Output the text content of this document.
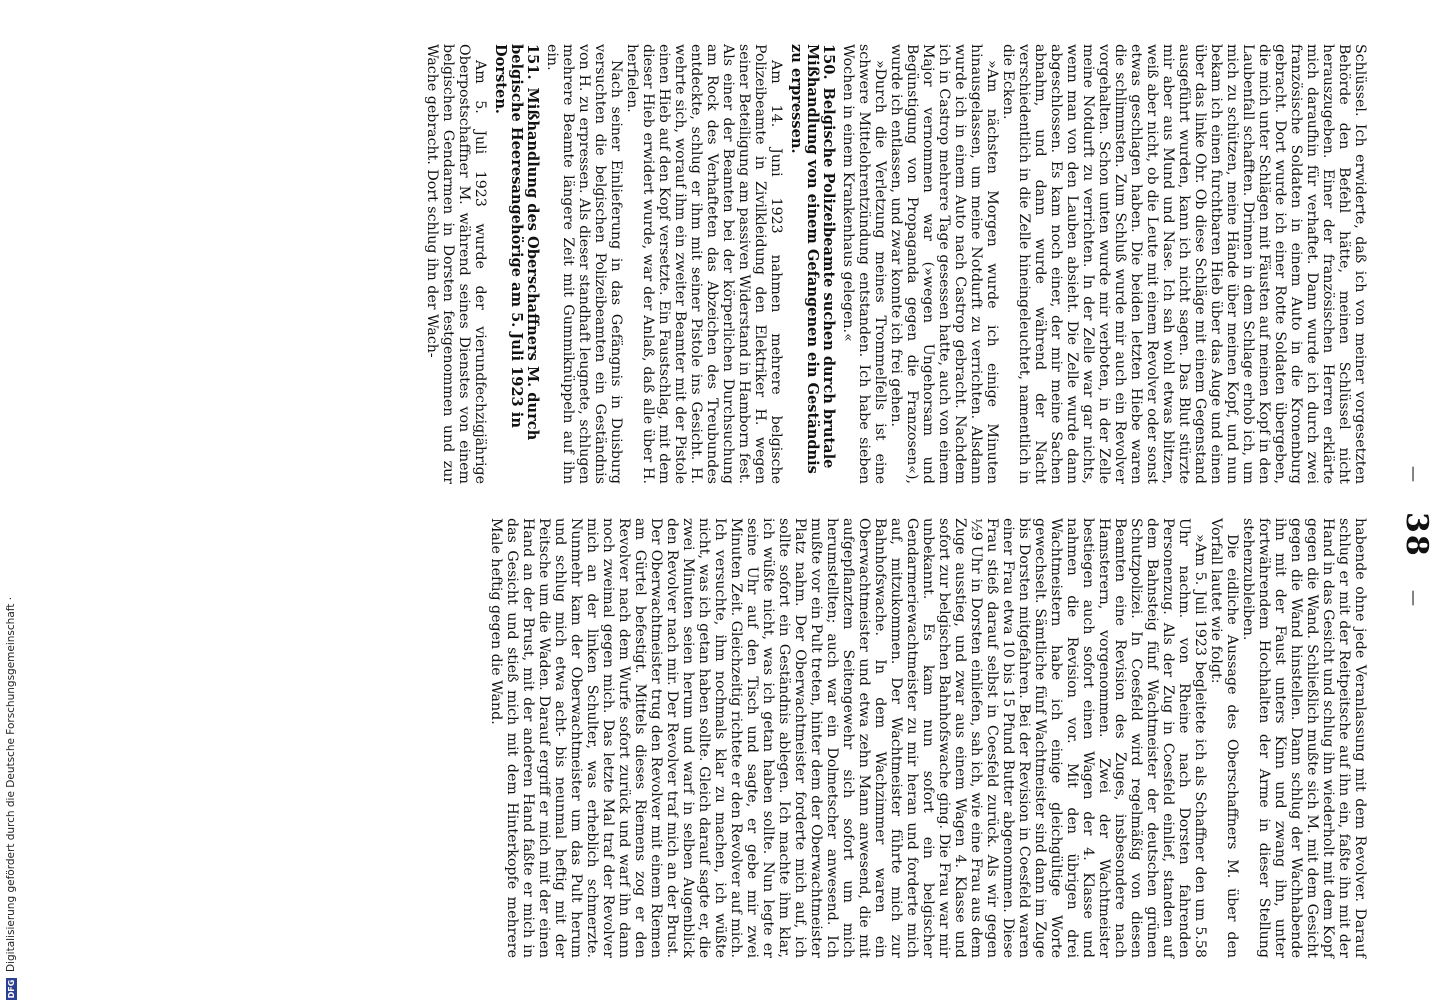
—
38
—

Schlüssel. Ich erwiderte, daß ich von meiner vorgesetzten Behörde den Befehl hätte, meinen Schlüssel nicht herauszugeben. Einer der französischen Herren erklärte mich daraufhin für verhaftet. Dann wurde ich durch zwei französische Soldaten in einem Auto in die Kronenburg gebracht. Dort wurde ich einer Rotte Soldaten übergeben, die mich unter Schlägen mit Fäusten auf meinen Kopf in den Laubenfall schafften. Drinnen in dem Schlage erhob ich, um mich zu schützen, meine Hände über meinen Kopf, und nun bekam ich einen furchtbaren Hieb über das Auge und einen über das linke Ohr. Ob diese Schläge mit einem Gegenstand ausgeführt wurden, kann ich nicht sagen. Das Blut stürzte mir aber aus Mund und Nase. Ich sah wohl etwas blitzen, weiß aber nicht, ob die Leute mit einem Revolver oder sonst etwas geschlagen haben. Die beiden letzten Hiebe waren die schlimmsten. Zum Schluß wurde mir auch ein Revolver vorgehalten. Schon unten wurde mir verboten, in der Zelle meine Notdurft zu verrichten. In der Zelle war gar nichts, wenn man von den Lauben absieht. Die Zelle wurde dann abgeschlossen. Es kam noch einer, der mir meine Sachen abnahm, und dann wurde während der Nacht verschiedentlich in die Zelle hineingeleuchtet, namentlich in die Ecken.

»Am nächsten Morgen wurde ich einige Minuten hinausgelassen, um meine Notdurft zu verrichten. Alsdann wurde ich in einem Auto nach Castrop gebracht. Nachdem ich in Castrop mehrere Tage gesessen hatte, auch von einem Major vernommen war (»wegen Ungehorsam und Begünstigung von Propaganda gegen die Franzosen«), wurde ich entlassen, und zwar konnte ich frei gehen.

»Durch die Verletzung meines Trommelfells ist eine schwere Mittelohrentzündung entstanden. Ich habe sieben Wochen in einem Krankenhaus gelegen.«

150.Belgische Polizeibeamte suchen durch brutale Mißhandlung von einem Gefangenen ein Geständnis zu erpressen.

Am 14. Juni 1923 nahmen mehrere belgische Polizeibeamte in Zivilkleidung den Elektriker H. wegen seiner Beteiligung am passiven Widerstand in Hamborn fest. Als einer der Beamten bei der körperlichen Durchsuchung am Rock des Verhafteten das Abzeichen des Treubundes entdeckte, schlug er ihm mit seiner Pistole ins Gesicht. H. wehrte sich, worauf ihm ein zweiter Beamter mit der Pistole einen Hieb auf den Kopf versetzte. Ein Faustschlag, mit dem dieser Hieb erwidert wurde, war der Anlaß, daß alle über H. herfielen.

Nach seiner Einlieferung in das Gefängnis in Duisburg versuchten die belgischen Polizeibeamten ein Geständnis von H. zu erpressen. Als dieser standhaft leugnete, schlugen mehrere Beamte längere Zeit mit Gummiknüppeln auf ihn ein.

151.Mißhandlung des Oberschaffners M. durch belgische Heeresangehörige am 5. Juli 1923 in Dorsten.

Am 5. Juli 1923 wurde der vierundfechzigjährige Oberpostschaffner M. während seines Dienstes von einem belgischen Gendarmen in Dorsten festgenommen und zur Wache gebracht. Dort schlug ihn der Wach-

habende ohne jede Veranlassung mit dem Revolver. Darauf schlug er mit der Reitpeitsche auf ihn ein, faßte ihn mit der Hand in das Gesicht und schlug ihn wiederholt mit dem Kopf gegen die Wand. Schließlich mußte sich M. mit dem Gesicht gegen die Wand hinstellen. Dann schlug der Wachhabende ihn mit der Faust unters Kinn und zwang ihn, unter fortwährendem Hochhalten der Arme in dieser Stellung stehenzubleiben.

Die eidliche Aussage des Oberschaffners M. über den Vorfall lautet wie folgt:

»Am 5. Juli 1923 begleitete ich als Schaffner den um 5.58 Uhr nachm. von Rheine nach Dorsten fahrenden Personenzug. Als der Zug in Coesfeld einlief, standen auf dem Bahnsteig fünf Wachtmeister der deutschen grünen Schutzpolizei. In Coesfeld wird regelmäßig von diesen Beamten eine Revision des Zuges, insbesondere nach Hamsterern, vorgenommen. Zwei der Wachtmeister bestiegen auch sofort einen Wagen der 4. Klasse und nahmen die Revision vor. Mit den übrigen drei Wachtmeistern habe ich einige gleichgültige Worte gewechselt. Sämtliche fünf Wachtmeister sind dann im Zuge bis Dorsten mitgefahren. Bei der Revision in Coesfeld waren einer Frau etwa 10 bis 15 Pfund Butter abgenommen. Diese Frau stieß darauf selbst in Coesfeld zurück. Als wir gegen ½9 Uhr in Dorsten einliefen, sah ich, wie eine Frau aus dem Zuge ausstieg, und zwar aus einem Wagen 4. Klasse und sofort zur belgischen Bahnhofswache ging. Die Frau war mir unbekannt. Es kam nun sofort ein belgischer Gendarmeriewachtmeister zu mir heran und forderte mich auf, mitzukommen. Der Wachtmeister führte mich zur Bahnhofswache. In dem Wachzimmer waren ein Oberwachtmeister und etwa zehn Mann anwesend, die mit aufgepflanztem Seitengewehr sich sofort um mich herumstellten; auch war ein Dolmetscher anwesend. Ich mußte vor ein Pult treten, hinter dem der Oberwachtmeister Platz nahm. Der Oberwachtmeister forderte mich auf, ich sollte sofort ein Geständnis ablegen. Ich machte ihm klar, ich wüßte nicht, was ich getan haben sollte. Nun legte er seine Uhr auf den Tisch und sagte, er gebe mir zwei Minuten Zeit. Gleichzeitig richtete er den Revolver auf mich. Ich versuchte, ihm nochmals klar zu machen, ich wüßte nicht, was ich getan haben sollte. Gleich darauf sagte er, die zwei Minuten seien herum und warf in selben Augenblick den Revolver nach mir. Der Revolver traf mich an der Brust. Der Oberwachtmeister trug den Revolver mit einem Riemen am Gürtel befestigt. Mittels dieses Riemens zog er den Revolver nach dem Wurfe sofort zurück und warf ihn dann noch zweimal gegen mich. Das letzte Mal traf der Revolver mich an der linken Schulter, was erheblich schmerzte. Nunmehr kam der Oberwachtmeister um das Pult herum und schlug mich etwa acht- bis neunmal heftig mit der Peitsche um die Waden. Darauf ergriff er mich mit der einen Hand an der Brust, mit der anderen Hand faßte er mich in das Gesicht und stieß mich mit dem Hinterkopfe mehrere Male heftig gegen die Wand.

DFG
Digitalisierung gefördert durch die Deutsche Forschungsgemeinschaft ·
